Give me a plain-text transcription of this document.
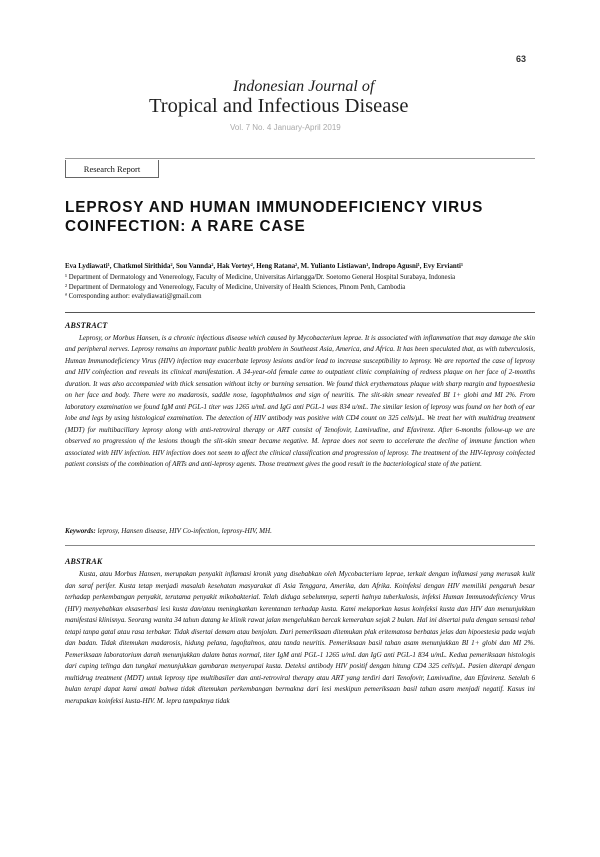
63
Indonesian Journal of
Tropical and Infectious Disease
Vol. 7 No. 4 January-April 2019
Research Report
LEPROSY AND HUMAN IMMUNODEFICIENCY VIRUS COINFECTION: A RARE CASE
Eva Lydiawati¹, Chatkmol Sirithida², Sou Vannda², Hak Vortey², Heng Ratana², M. Yulianto Listiawan¹, Indropo Agusni¹, Evy Ervianti¹
¹ Department of Dermatology and Venereology, Faculty of Medicine, Universitas Airlangga/Dr. Soetomo General Hospital Surabaya, Indonesia
² Department of Dermatology and Venereology, Faculty of Medicine, University of Health Sciences, Phnom Penh, Cambodia
ª Corresponding author: evalydiawati@gmail.com
ABSTRACT

Leprosy, or Morbus Hansen, is a chronic infectious disease which caused by Mycobacterium leprae. It is associated with inflammation that may damage the skin and peripheral nerves. Leprosy remains an important public health problem in Southeast Asia, America, and Africa. It has been speculated that, as with tuberculosis, Human Immunodeficiency Virus (HIV) infection may exacerbate leprosy lesions and/or lead to increase susceptibility to leprosy. We are reported the case of leprosy and HIV coinfection and reveals its clinical manifestation. A 34-year-old female came to outpatient clinic complaining of redness plaque on her face of 2-months duration. It was also accompanied with thick sensation without itchy or burning sensation. We found thick erythematous plaque with sharp margin and hypoesthesia on her face and body. There were no madarosis, saddle nose, lagophthalmos and sign of neuritis. The slit-skin smear revealed BI 1+ globi and MI 2%. From laboratory examination we found IgM anti PGL-1 titer was 1265 u/mL and IgG anti PGL-1 was 834 u/mL. The similar lesion of leprosy was found on her both of ear lobe and legs by using histological examination. The detection of HIV antibody was positive with CD4 count on 325 cells/μL. We treat her with multidrug treatment (MDT) for multibacillary leprosy along with anti-retroviral therapy or ART consist of Tenofovir, Lamivudine, and Efavirenz. After 6-months follow-up we are observed no progression of the lesions though the slit-skin smear became negative. M. leprae does not seem to accelerate the decline of immune function when associated with HIV infection. HIV infection does not seem to affect the clinical classification and progression of leprosy. The treatment of the HIV-leprosy coinfected patient consists of the combination of ARTs and anti-leprosy agents. Those treatment gives the good result in the bacteriological state of the patient.

Keywords: leprosy, Hansen disease, HIV Co-infection, leprosy-HIV, MH.
ABSTRAK

Kusta, atau Morbus Hansen, merupakan penyakit inflamasi kronik yang disebabkan oleh Mycobacterium leprae, terkait dengan inflamasi yang merusak kulit dan saraf perifer. Kusta tetap menjadi masalah kesehatan masyarakat di Asia Tenggara, Amerika, dan Afrika. Koinfeksi dengan HIV memiliki pengaruh besar terhadap perkembangan penyakit, terutama penyakit mikobakterial. Telah diduga sebelumnya, seperti halnya tuberkulosis, infeksi Human Immunodeficiency Virus (HIV) menyebabkan eksaserbasi lesi kusta dan/atau meningkatkan kerentanan terhadap kusta. Kami melaporkan kasus koinfeksi kusta dan HIV dan menunjukkan manifestasi klinisnya. Seorang wanita 34 tahun datang ke klinik rawat jalan mengeluhkan bercak kemerahan sejak 2 bulan. Hal ini disertai pula dengan sensasi tebal tetapi tanpa gatal atau rasa terbakar. Tidak disertai demam atau benjolan. Dari pemeriksaan ditemukan plak eritematosa berbatas jelas dan hipoestesia pada wajah dan badan. Tidak ditemukan madarosis, hidung pelana, lagoftalmos, atau tanda neuritis. Pemeriksaan basil tahan asam menunjukkan BI 1+ globi dan MI 2%. Pemeriksaan laboratorium darah menunjukkan dalam batas normal, titer IgM anti PGL-1 1265 u/mL dan IgG anti PGL-1 834 u/mL. Kedua pemeriksaan histologis dari cuping telinga dan tungkai menunjukkan gambaran menyerupai kusta. Deteksi antibody HIV positif dengan hitung CD4 325 cells/μL. Pasien diterapi dengan multidrug treatment (MDT) untuk leprosy tipe multibasiler dan anti-retroviral therapy atau ART yang terdiri dari Tenofovir, Lamivudine, dan Efavirenz. Setelah 6 bulan terapi dapat kami amati bahwa tidak ditemukan perkembangan bermakna dari lesi meskipun pemeriksaan basil tahan asam menjadi negatif. Kasus ini merupakan koinfeksi kusta-HIV. M. lepra tampaknya tidak
